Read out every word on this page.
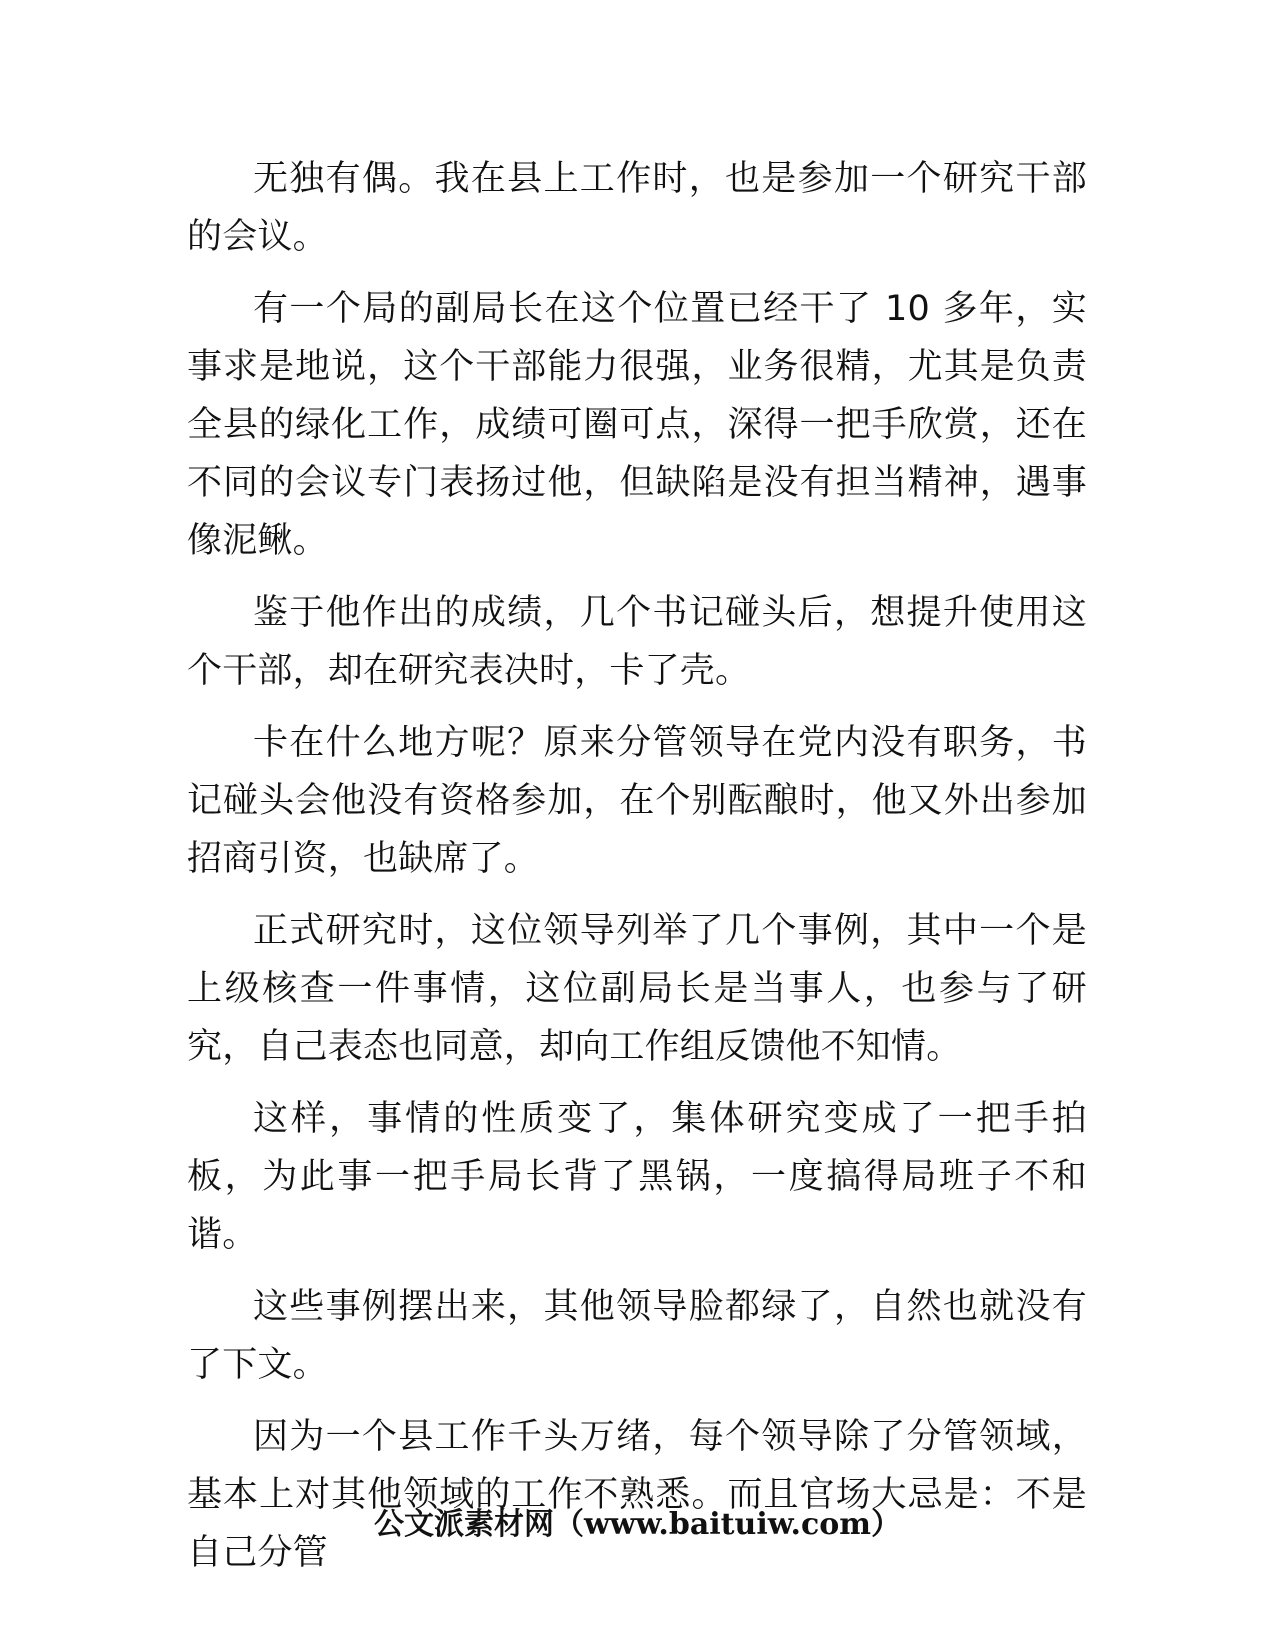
无独有偶。我在县上工作时，也是参加一个研究干部的会议。

有一个局的副局长在这个位置已经干了 10 多年，实事求是地说，这个干部能力很强，业务很精，尤其是负责全县的绿化工作，成绩可圈可点，深得一把手欣赏，还在不同的会议专门表扬过他，但缺陷是没有担当精神，遇事像泥鳅。

鉴于他作出的成绩，几个书记碰头后，想提升使用这个干部，却在研究表决时，卡了壳。

卡在什么地方呢？原来分管领导在党内没有职务，书记碰头会他没有资格参加，在个别酝酿时，他又外出参加招商引资，也缺席了。

正式研究时，这位领导列举了几个事例，其中一个是上级核查一件事情，这位副局长是当事人，也参与了研究，自己表态也同意，却向工作组反馈他不知情。

这样，事情的性质变了，集体研究变成了一把手拍板，为此事一把手局长背了黑锅，一度搞得局班子不和谐。

这些事例摆出来，其他领导脸都绿了，自然也就没有了下文。

因为一个县工作千头万绪，每个领导除了分管领域，基本上对其他领域的工作不熟悉。而且官场大忌是：不是自己分管

公文派素材网（www.baituiw.com）
